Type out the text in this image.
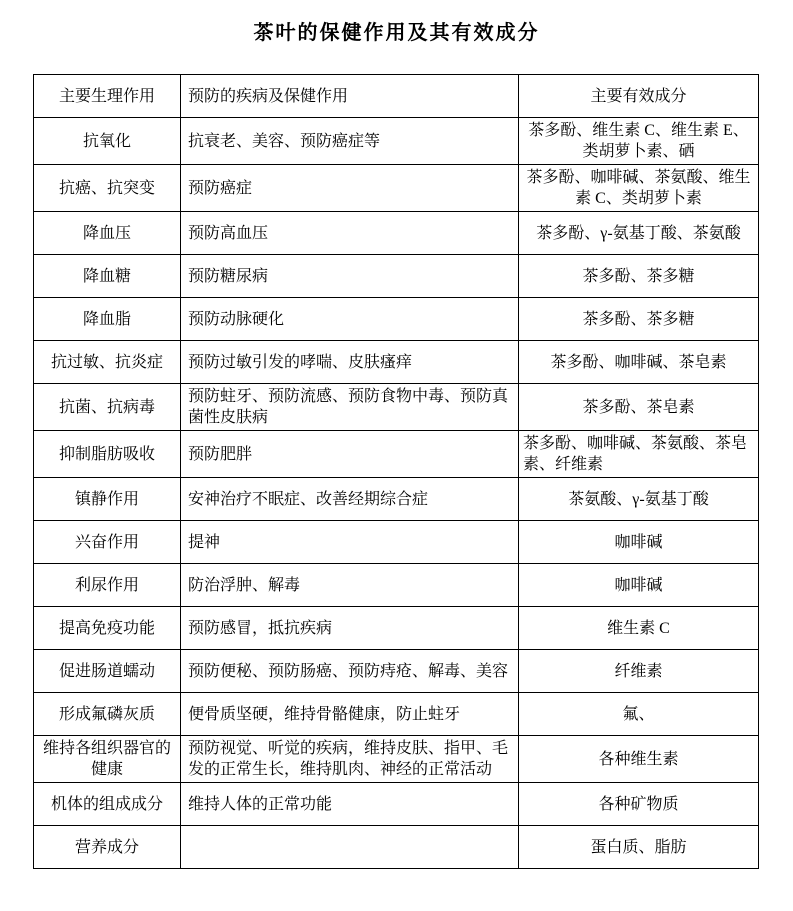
茶叶的保健作用及其有效成分
主要生理作用	预防的疾病及保健作用	主要有效成分
抗氧化	抗衰老、美容、预防癌症等	茶多酚、维生素 C、维生素 E、类胡萝卜素、硒
抗癌、抗突变	预防癌症	茶多酚、咖啡碱、茶氨酸、维生素 C、类胡萝卜素
降血压	预防高血压	茶多酚、γ-氨基丁酸、茶氨酸
降血糖	预防糖尿病	茶多酚、茶多糖
降血脂	预防动脉硬化	茶多酚、茶多糖
抗过敏、抗炎症	预防过敏引发的哮喘、皮肤瘙痒	茶多酚、咖啡碱、茶皂素
抗菌、抗病毒	预防蛀牙、预防流感、预防食物中毒、预防真菌性皮肤病	茶多酚、茶皂素
抑制脂肪吸收	预防肥胖	茶多酚、咖啡碱、茶氨酸、茶皂素、纤维素
镇静作用	安神治疗不眠症、改善经期综合症	茶氨酸、γ-氨基丁酸
兴奋作用	提神	咖啡碱
利尿作用	防治浮肿、解毒	咖啡碱
提高免疫功能	预防感冒，抵抗疾病	维生素 C
促进肠道蠕动	预防便秘、预防肠癌、预防痔疮、解毒、美容	纤维素
形成氟磷灰质	便骨质坚硬，维持骨骼健康，防止蛀牙	氟、
维持各组织器官的健康	预防视觉、听觉的疾病，维持皮肤、指甲、毛发的正常生长，维持肌肉、神经的正常活动	各种维生素
机体的组成成分	维持人体的正常功能	各种矿物质
营养成分		蛋白质、脂肪
